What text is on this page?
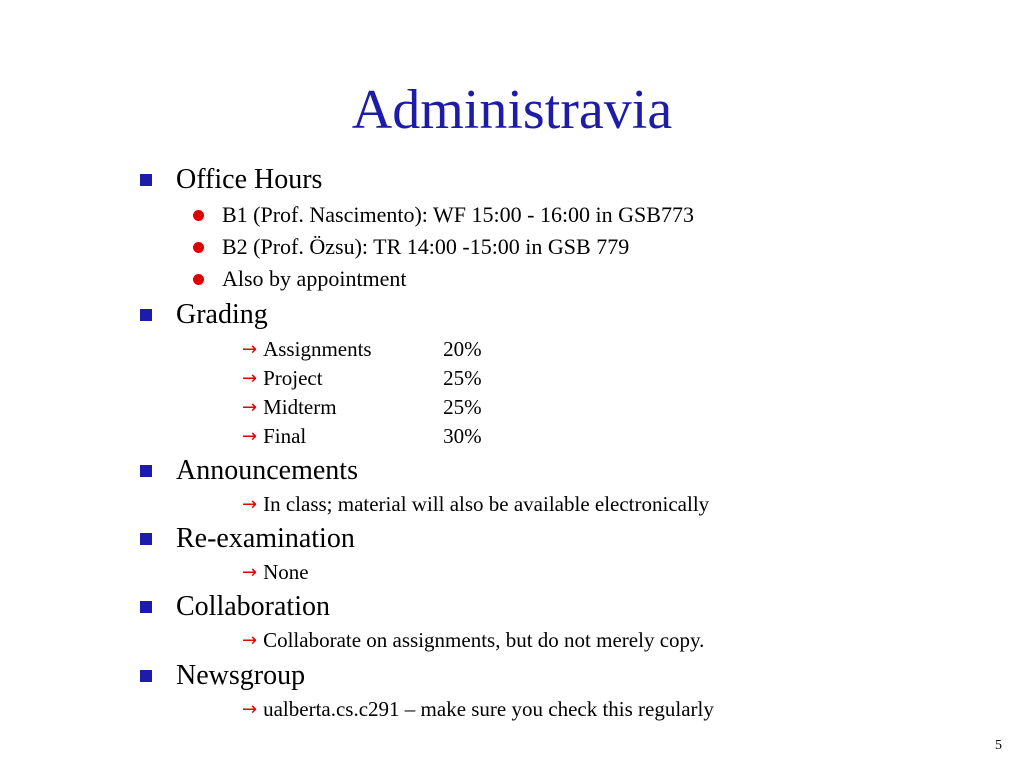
Administravia
Office Hours
B1 (Prof. Nascimento): WF 15:00 - 16:00 in GSB773
B2 (Prof. Özsu): TR 14:00 -15:00 in GSB 779
Also by appointment
Grading
→ Assignments	20%
→ Project	25%
→ Midterm	25%
→ Final	30%
Announcements
→ In class; material will also be available electronically
Re-examination
→ None
Collaboration
→ Collaborate on assignments, but do not merely copy.
Newsgroup
→ ualberta.cs.c291 – make sure you check this regularly
5
